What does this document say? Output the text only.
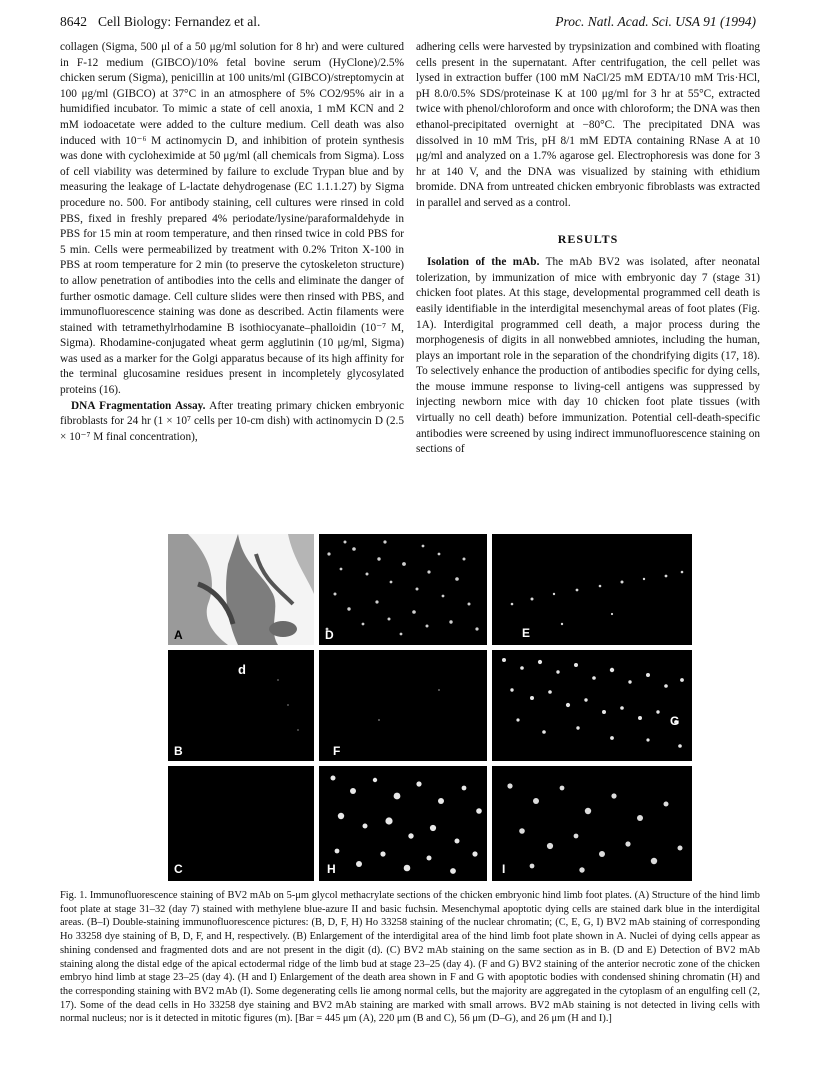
8642 Cell Biology: Fernandez et al.	Proc. Natl. Acad. Sci. USA 91 (1994)

collagen (Sigma, 500 μl of a 50 μg/ml solution for 8 hr) and were cultured in F-12 medium (GIBCO)/10% fetal bovine serum (HyClone)/2.5% chicken serum (Sigma), penicillin at 100 units/ml (GIBCO)/streptomycin at 100 μg/ml (GIBCO) at 37°C in an atmosphere of 5% CO2/95% air in a humidified incubator. To mimic a state of cell anoxia, 1 mM KCN and 2 mM iodoacetate were added to the culture medium. Cell death was also induced with 10⁻⁶ M actinomycin D, and inhibition of protein synthesis was done with cycloheximide at 50 μg/ml (all chemicals from Sigma). Loss of cell viability was determined by failure to exclude Trypan blue and by measuring the leakage of L-lactate dehydrogenase (EC 1.1.1.27) by Sigma procedure no. 500. For antibody staining, cell cultures were rinsed in cold PBS, fixed in freshly prepared 4% periodate/lysine/paraformaldehyde in PBS for 15 min at room temperature, and then rinsed twice in cold PBS for 5 min. Cells were permeabilized by treatment with 0.2% Triton X-100 in PBS at room temperature for 2 min (to preserve the cytoskeleton structure) to allow penetration of antibodies into the cells and eliminate the danger of further osmotic damage. Cell culture slides were then rinsed with PBS, and immunofluorescence staining was done as described. Actin filaments were stained with tetramethylrhodamine B isothiocyanate–phalloidin (10⁻⁷ M, Sigma). Rhodamine-conjugated wheat germ agglutinin (10 μg/ml, Sigma) was used as a marker for the Golgi apparatus because of its high affinity for the terminal glucosamine residues present in incompletely glycosylated proteins (16).

DNA Fragmentation Assay. After treating primary chicken embryonic fibroblasts for 24 hr (1 × 10⁷ cells per 10-cm dish) with actinomycin D (2.5 × 10⁻⁷ M final concentration),

adhering cells were harvested by trypsinization and combined with floating cells present in the supernatant. After centrifugation, the cell pellet was lysed in extraction buffer (100 mM NaCl/25 mM EDTA/10 mM Tris·HCl, pH 8.0/0.5% SDS/proteinase K at 100 μg/ml for 3 hr at 55°C, extracted twice with phenol/chloroform and once with chloroform; the DNA was then ethanol-precipitated overnight at −80°C. The precipitated DNA was dissolved in 10 mM Tris, pH 8/1 mM EDTA containing RNase A at 10 μg/ml and analyzed on a 1.7% agarose gel. Electrophoresis was done for 3 hr at 140 V, and the DNA was visualized by staining with ethidium bromide. DNA from untreated chicken embryonic fibroblasts was extracted in parallel and served as a control.

RESULTS

Isolation of the mAb. The mAb BV2 was isolated, after neonatal tolerization, by immunization of mice with embryonic day 7 (stage 31) chicken foot plates. At this stage, developmental programmed cell death is easily identifiable in the interdigital mesenchymal areas of foot plates (Fig. 1A). Interdigital programmed cell death, a major process during the morphogenesis of digits in all nonwebbed amniotes, including the human, plays an important role in the separation of the chondrifying digits (17, 18). To selectively enhance the production of antibodies specific for dying cells, the mouse immune response to living-cell antigens was suppressed by injecting newborn mice with day 10 chicken foot plate tissues (with virtually no cell death) before immunization. Potential cell-death-specific antibodies were screened by using indirect immunofluorescence staining on sections of

A	D	E
d
B	F
G
C	H	I
Fig. 1. Immunofluorescence staining of BV2 mAb on 5-μm glycol methacrylate sections of the chicken embryonic hind limb foot plates. (A) Structure of the hind limb foot plate at stage 31–32 (day 7) stained with methylene blue-azure II and basic fuchsin. Mesenchymal apoptotic dying cells are stained dark blue in the interdigital areas. (B–I) Double-staining immunofluorescence pictures: (B, D, F, H) Ho 33258 staining of the nuclear chromatin; (C, E, G, I) BV2 mAb staining of corresponding Ho 33258 dye staining of B, D, F, and H, respectively. (B) Enlargement of the interdigital area of the hind limb foot plate shown in A. Nuclei of dying cells appear as shining condensed and fragmented dots and are not present in the digit (d). (C) BV2 mAb staining on the same section as in B. (D and E) Detection of BV2 mAb staining along the distal edge of the apical ectodermal ridge of the limb bud at stage 23–25 (day 4). (F and G) BV2 staining of the anterior necrotic zone of the chicken embryo hind limb at stage 23–25 (day 4). (H and I) Enlargement of the death area shown in F and G with apoptotic bodies with condensed shining chromatin (H) and the corresponding staining with BV2 mAb (I). Some degenerating cells lie among normal cells, but the majority are aggregated in the cytoplasm of an engulfing cell (2, 17). Some of the dead cells in Ho 33258 dye staining and BV2 mAb staining are marked with small arrows. BV2 mAb staining is not detected in living cells with normal nucleus; nor is it detected in mitotic figures (m). [Bar = 445 μm (A), 220 μm (B and C), 56 μm (D–G), and 26 μm (H and I).]
